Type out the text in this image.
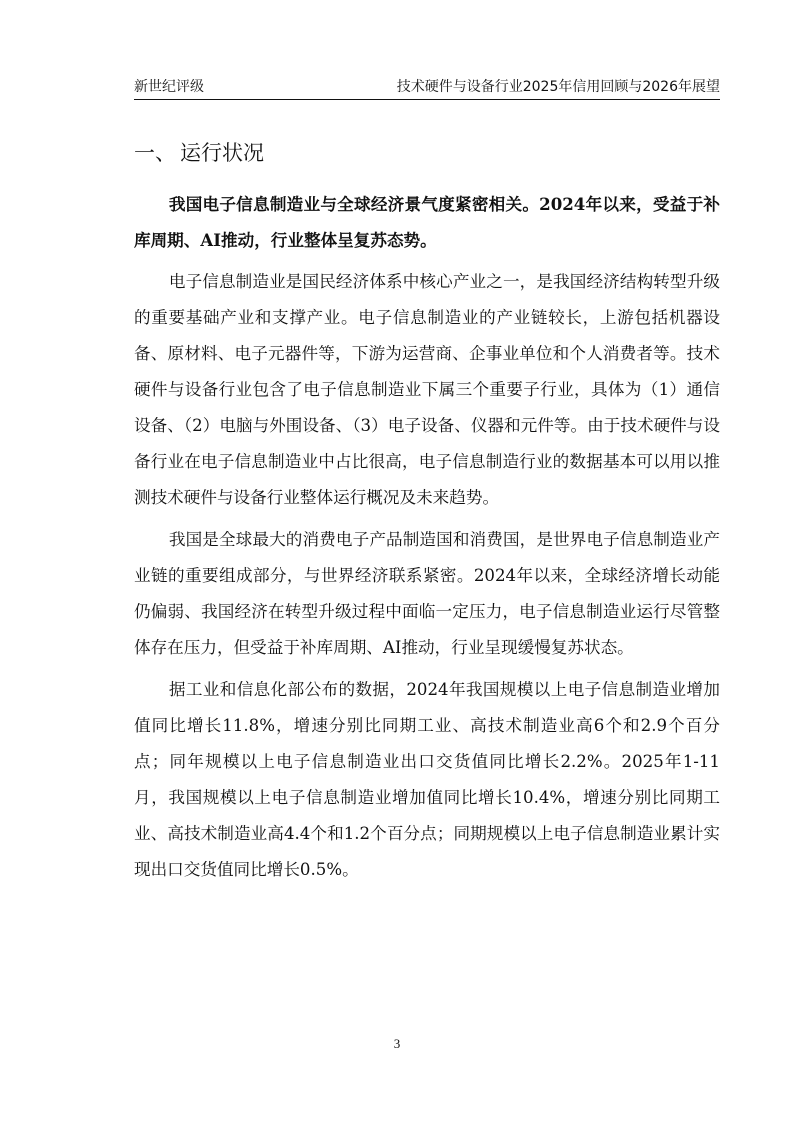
新世纪评级	技术硬件与设备行业2025年信用回顾与2026年展望
一、 运行状况

我国电子信息制造业与全球经济景气度紧密相关。2024年以来，受益于补库周期、AI推动，行业整体呈复苏态势。

电子信息制造业是国民经济体系中核心产业之一，是我国经济结构转型升级的重要基础产业和支撑产业。电子信息制造业的产业链较长，上游包括机器设备、原材料、电子元器件等，下游为运营商、企事业单位和个人消费者等。技术硬件与设备行业包含了电子信息制造业下属三个重要子行业，具体为（1）通信设备、（2）电脑与外围设备、（3）电子设备、仪器和元件等。由于技术硬件与设备行业在电子信息制造业中占比很高，电子信息制造行业的数据基本可以用以推测技术硬件与设备行业整体运行概况及未来趋势。

我国是全球最大的消费电子产品制造国和消费国，是世界电子信息制造业产业链的重要组成部分，与世界经济联系紧密。2024年以来，全球经济增长动能仍偏弱、我国经济在转型升级过程中面临一定压力，电子信息制造业运行尽管整体存在压力，但受益于补库周期、AI推动，行业呈现缓慢复苏状态。

据工业和信息化部公布的数据，2024年我国规模以上电子信息制造业增加值同比增长11.8%，增速分别比同期工业、高技术制造业高6个和2.9个百分点；同年规模以上电子信息制造业出口交货值同比增长2.2%。2025年1-11月，我国规模以上电子信息制造业增加值同比增长10.4%，增速分别比同期工业、高技术制造业高4.4个和1.2个百分点；同期规模以上电子信息制造业累计实现出口交货值同比增长0.5%。

3
